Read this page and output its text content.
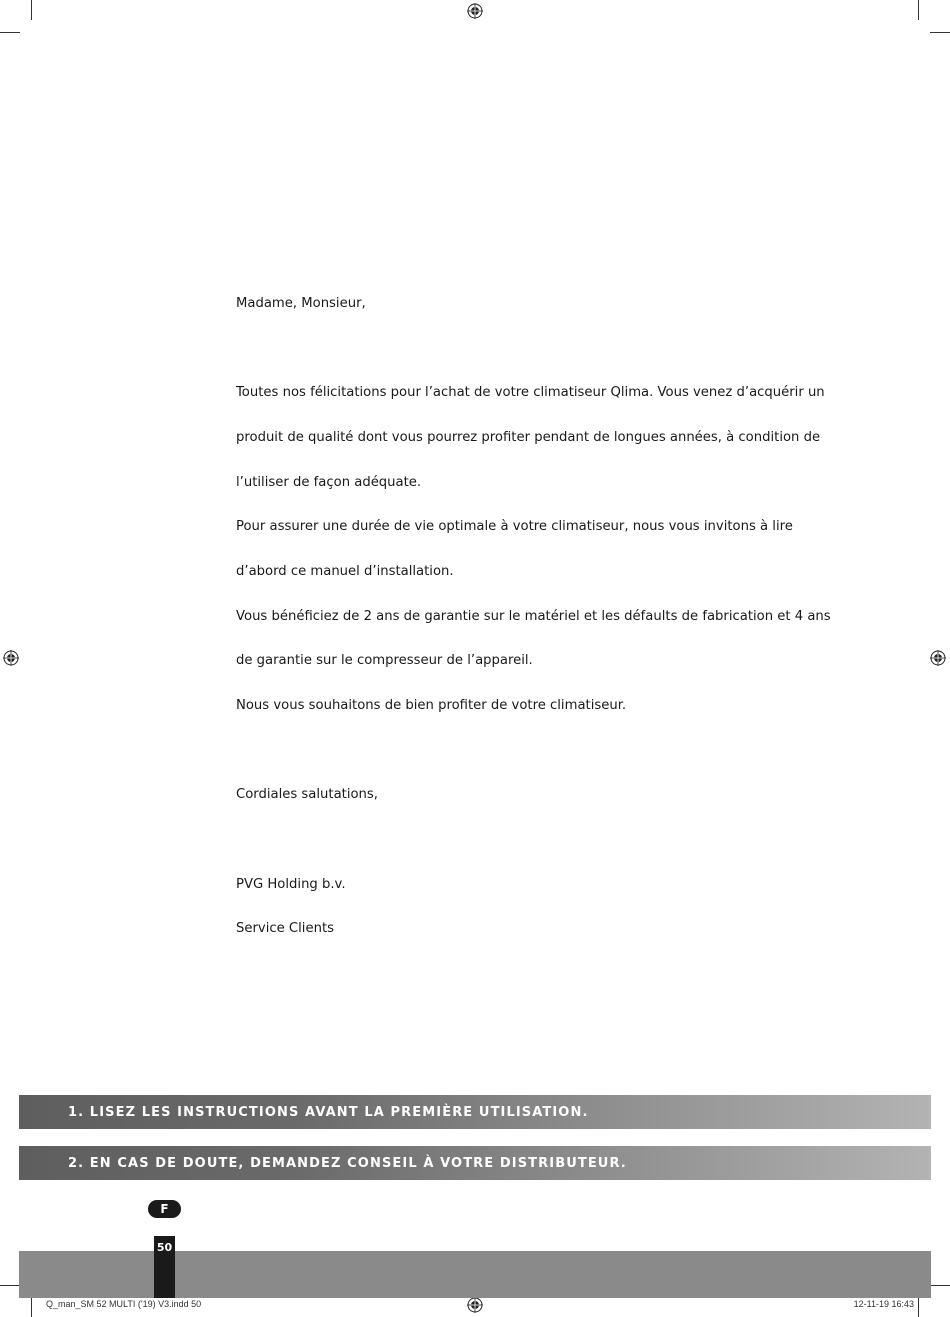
Madame, Monsieur,
Toutes nos félicitations pour l’achat de votre climatiseur Qlima. Vous venez d’acquérir un
produit de qualité dont vous pourrez profiter pendant de longues années, à condition de
l’utiliser de façon adéquate.
Pour assurer une durée de vie optimale à votre climatiseur, nous vous invitons à lire
d’abord ce manuel d’installation.
Vous bénéficiez de 2 ans de garantie sur le matériel et les défaults de fabrication et 4 ans
de garantie sur le compresseur de l’appareil.
Nous vous souhaitons de bien profiter de votre climatiseur.
Cordiales salutations,
PVG Holding b.v.
Service Clients
1. LISEZ LES INSTRUCTIONS AVANT LA PREMIÈRE UTILISATION.
2. EN CAS DE DOUTE, DEMANDEZ CONSEIL À VOTRE DISTRIBUTEUR.
F
50
Q_man_SM 52 MULTI ('19) V3.indd 50	12-11-19 16:43
